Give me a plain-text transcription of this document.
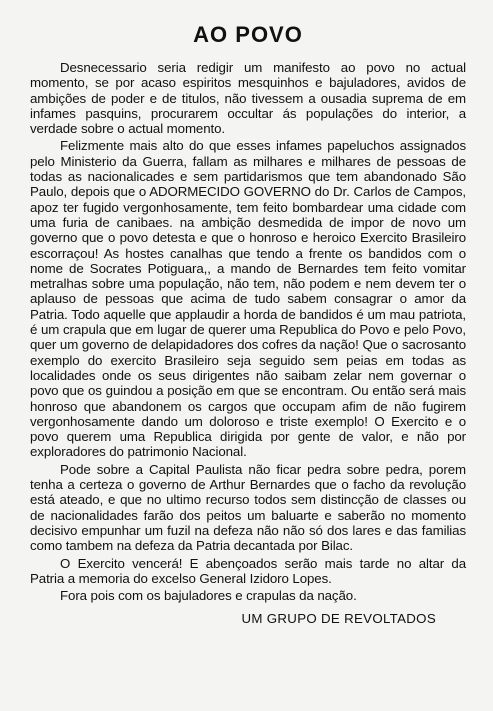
AO POVO

Desnecessario seria redigir um manifesto ao povo no actual momento, se por acaso espiritos mesquinhos e bajuladores, avidos de ambições de poder e de titulos, não tivessem a ousadia suprema de em infames pasquins, procurarem occultar ás populações do interior, a verdade sobre o actual momento.

Felizmente mais alto do que esses infames papeluchos assignados pelo Ministerio da Guerra, fallam as milhares e milhares de pessoas de todas as nacionalicades e sem partidarismos que tem abandonado São Paulo, depois que o ADORMECIDO GOVERNO do Dr. Carlos de Campos, apoz ter fugido vergonhosamente, tem feito bombardear uma cidade com uma furia de canibaes. na ambição desmedida de impor de novo um governo que o povo detesta e que o honroso e heroico Exercito Brasileiro escorraçou! As hostes canalhas que tendo a frente os bandidos com o nome de Socrates Potiguara,, a mando de Bernardes tem feito vomitar metralhas sobre uma população, não tem, não podem e nem devem ter o aplauso de pessoas que acima de tudo sabem consagrar o amor da Patria. Todo aquelle que applaudir a horda de bandidos é um mau patriota, é um crapula que em lugar de querer uma Republica do Povo e pelo Povo, quer um governo de delapidadores dos cofres da nação! Que o sacrosanto exemplo do exercito Brasileiro seja seguido sem peias em todas as localidades onde os seus dirigentes não saibam zelar nem governar o povo que os guindou a posição em que se encontram. Ou então será mais honroso que abandonem os cargos que occupam afim de não fugirem vergonhosamente dando um doloroso e triste exemplo! O Exercito e o povo querem uma Republica dirigida por gente de valor, e não por exploradores do patrimonio Nacional.

Pode sobre a Capital Paulista não ficar pedra sobre pedra, porem tenha a certeza o governo de Arthur Bernardes que o facho da revolução está ateado, e que no ultimo recurso todos sem distincção de classes ou de nacionalidades farão dos peitos um baluarte e saberão no momento decisivo empunhar um fuzil na defeza não não só dos lares e das familias como tambem na defeza da Patria decantada por Bilac.

O Exercito vencerá! E abençoados serão mais tarde no altar da Patria a memoria do excelso General Izidoro Lopes.

Fora pois com os bajuladores e crapulas da nação.

UM GRUPO DE REVOLTADOS
